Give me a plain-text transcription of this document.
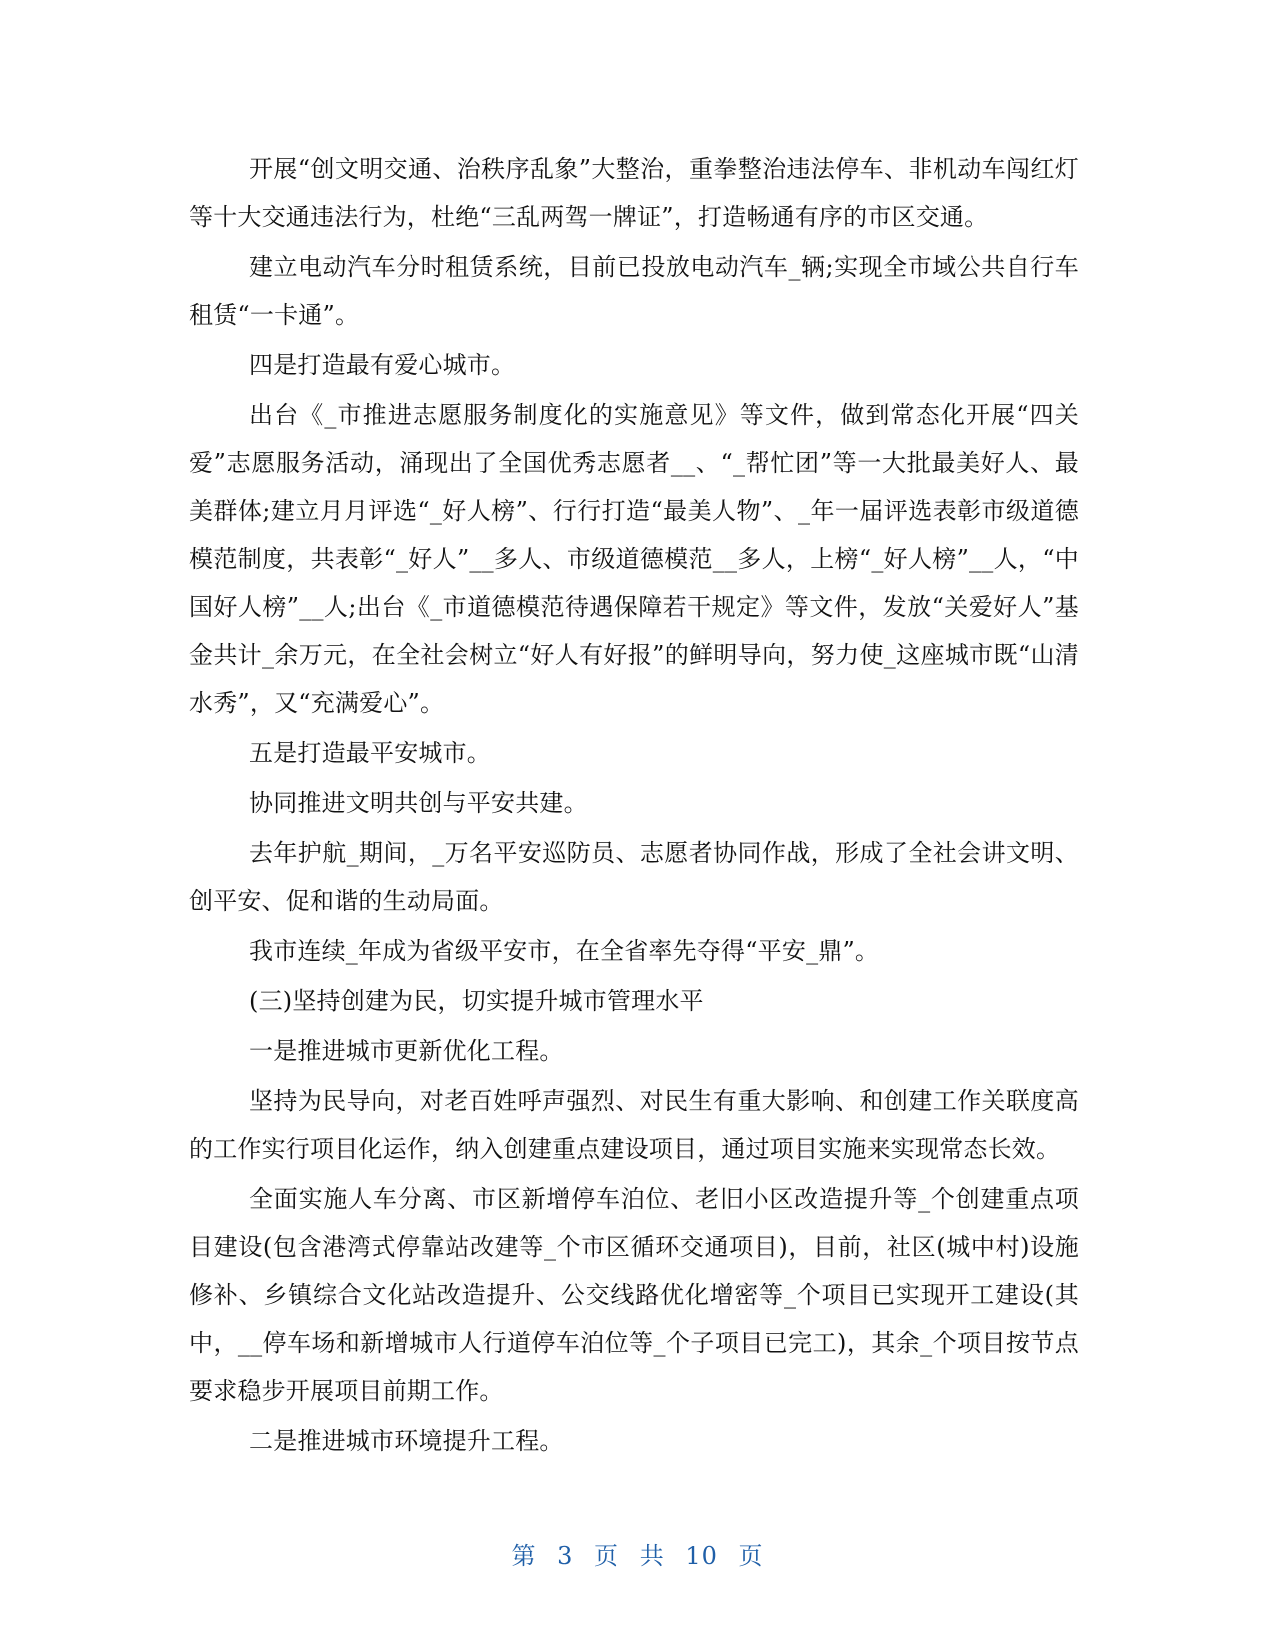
开展“创文明交通、治秩序乱象”大整治，重拳整治违法停车、非机动车闯红灯等十大交通违法行为，杜绝“三乱两驾一牌证”，打造畅通有序的市区交通。

建立电动汽车分时租赁系统，目前已投放电动汽车_辆;实现全市域公共自行车租赁“一卡通”。

四是打造最有爱心城市。

出台《_市推进志愿服务制度化的实施意见》等文件，做到常态化开展“四关爱”志愿服务活动，涌现出了全国优秀志愿者__、“_帮忙团”等一大批最美好人、最美群体;建立月月评选“_好人榜”、行行打造“最美人物”、_年一届评选表彰市级道德模范制度，共表彰“_好人”__多人、市级道德模范__多人，上榜“_好人榜”__人，“中国好人榜”__人;出台《_市道德模范待遇保障若干规定》等文件，发放“关爱好人”基金共计_余万元，在全社会树立“好人有好报”的鲜明导向，努力使_这座城市既“山清水秀”，又“充满爱心”。

五是打造最平安城市。

协同推进文明共创与平安共建。

去年护航_期间，_万名平安巡防员、志愿者协同作战，形成了全社会讲文明、创平安、促和谐的生动局面。

我市连续_年成为省级平安市，在全省率先夺得“平安_鼎”。

(三)坚持创建为民，切实提升城市管理水平

一是推进城市更新优化工程。

坚持为民导向，对老百姓呼声强烈、对民生有重大影响、和创建工作关联度高的工作实行项目化运作，纳入创建重点建设项目，通过项目实施来实现常态长效。

全面实施人车分离、市区新增停车泊位、老旧小区改造提升等_个创建重点项目建设(包含港湾式停靠站改建等_个市区循环交通项目)，目前，社区(城中村)设施修补、乡镇综合文化站改造提升、公交线路优化增密等_个项目已实现开工建设(其中，__停车场和新增城市人行道停车泊位等_个子项目已完工)，其余_个项目按节点要求稳步开展项目前期工作。

二是推进城市环境提升工程。

第 3 页 共 10 页
